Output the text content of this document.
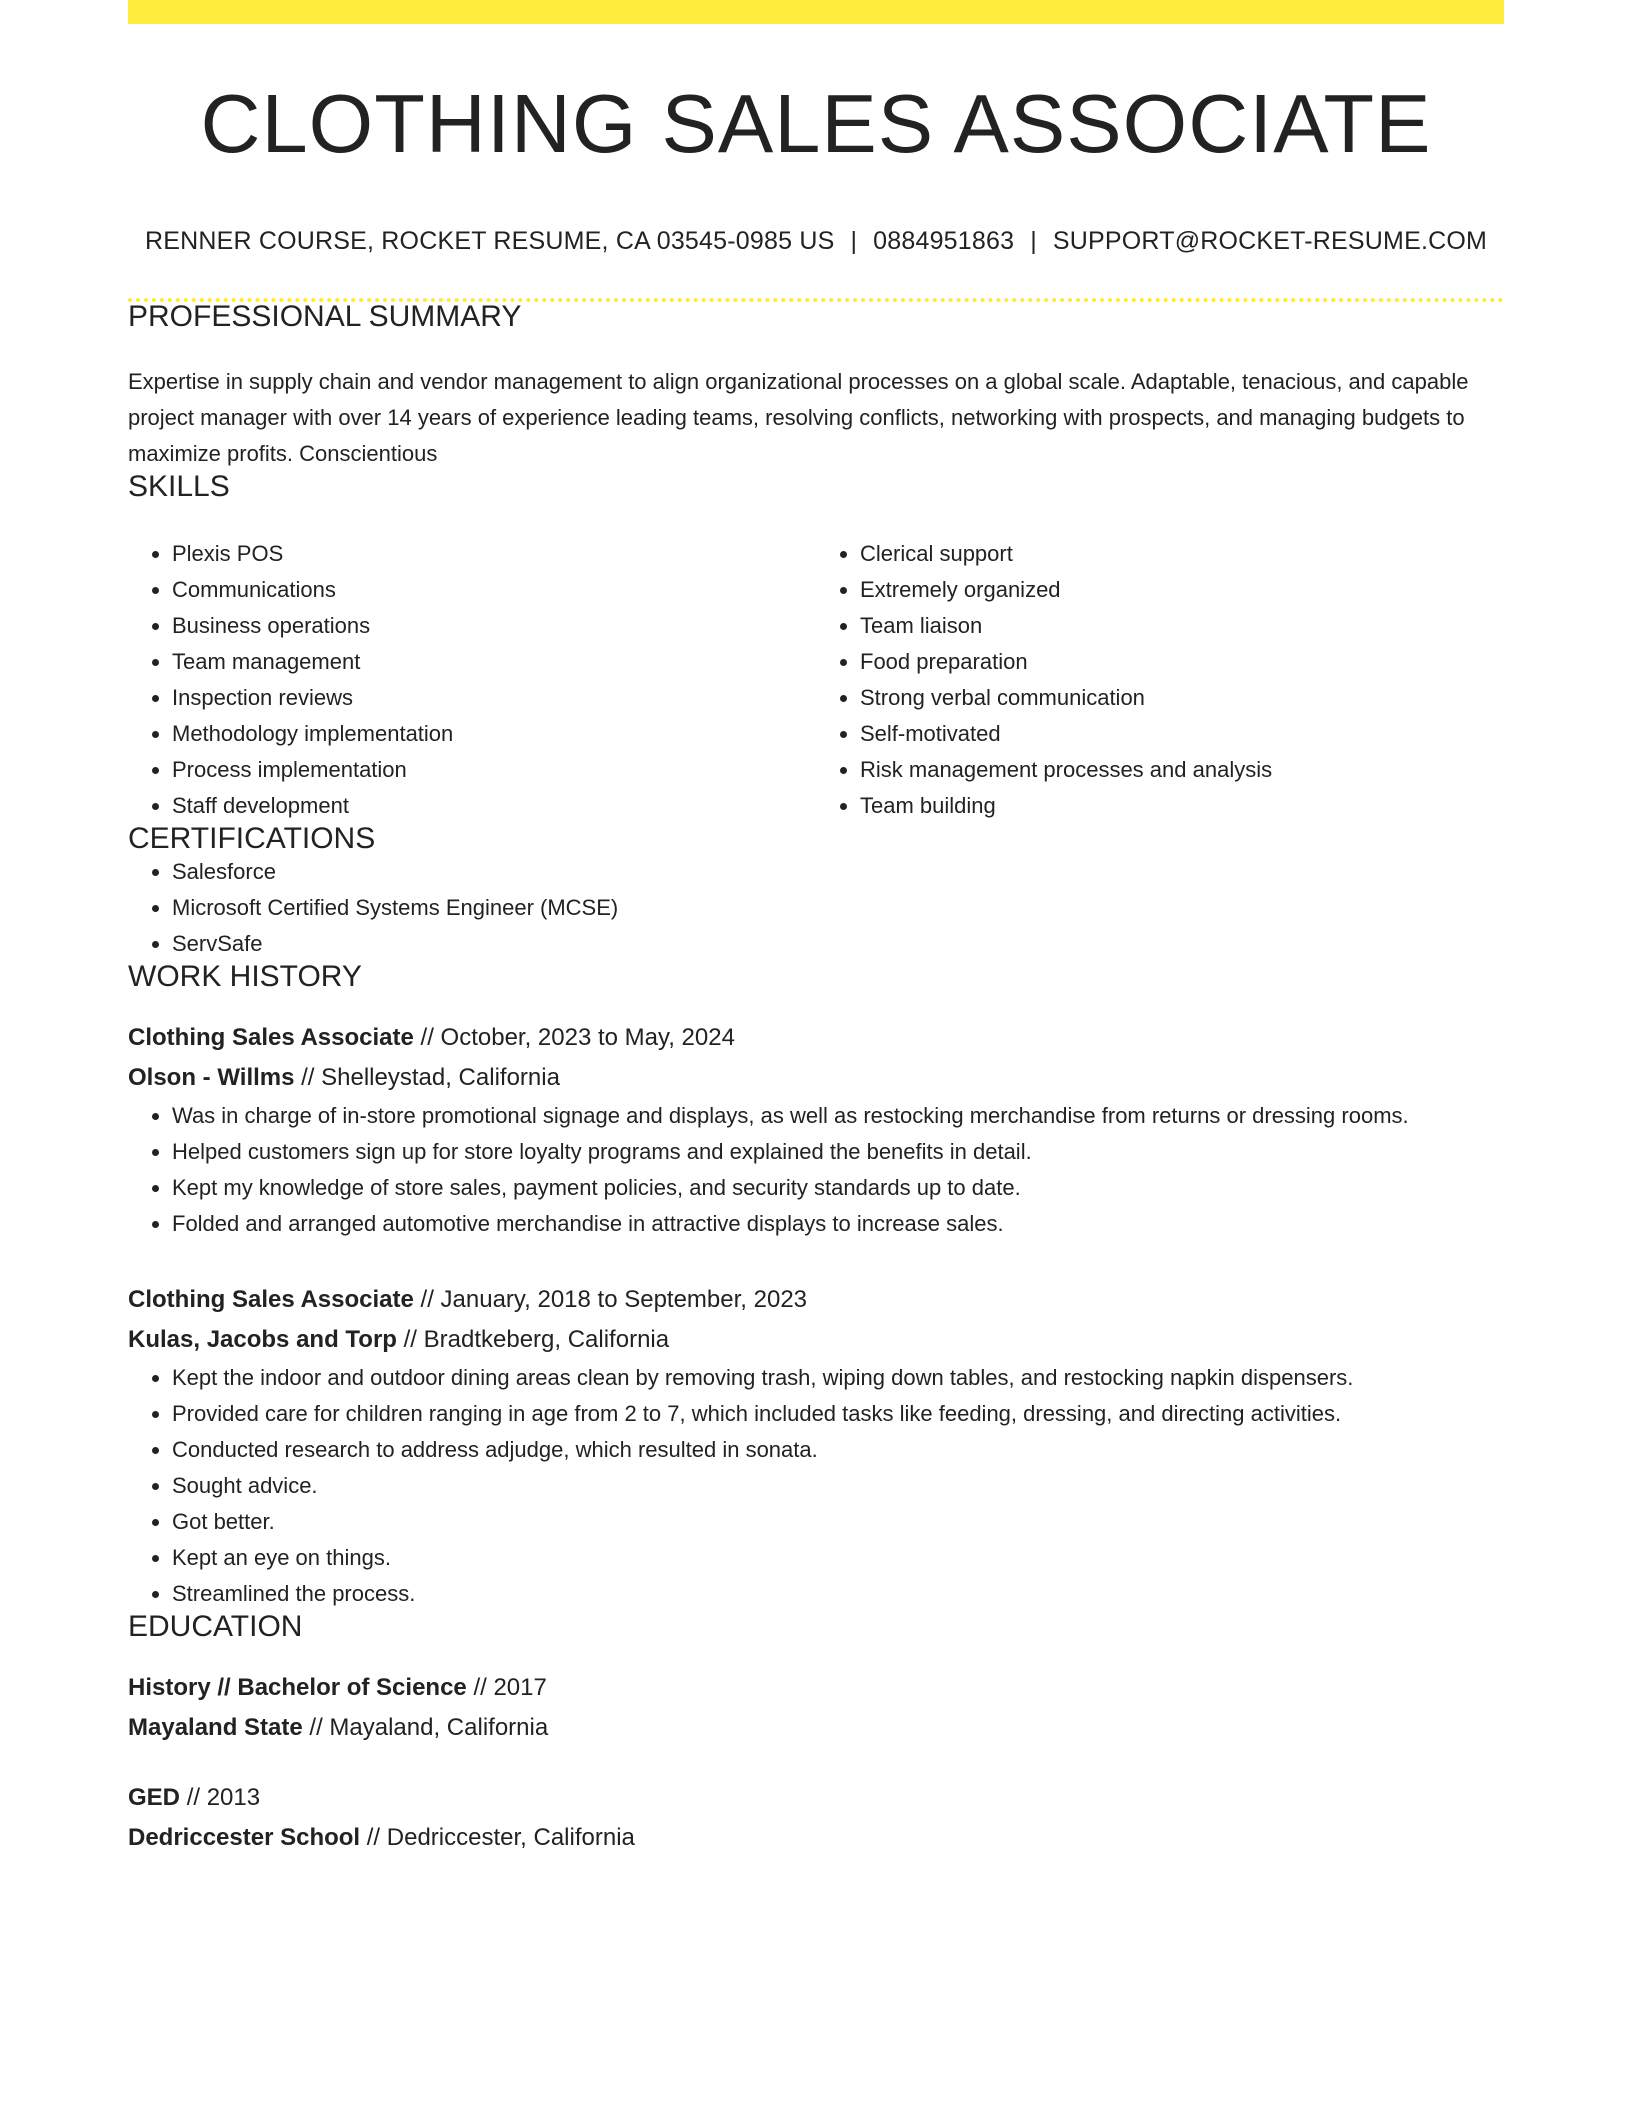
CLOTHING SALES ASSOCIATE
RENNER COURSE, ROCKET RESUME, CA 03545-0985 US | 0884951863 | SUPPORT@ROCKET-RESUME.COM
PROFESSIONAL SUMMARY

Expertise in supply chain and vendor management to align organizational processes on a global scale. Adaptable, tenacious, and capable project manager with over 14 years of experience leading teams, resolving conflicts, networking with prospects, and managing budgets to maximize profits. Conscientious

SKILLS
• Plexis POS
• Communications
• Business operations
• Team management
• Inspection reviews
• Methodology implementation
• Process implementation
• Staff development
• Clerical support
• Extremely organized
• Team liaison
• Food preparation
• Strong verbal communication
• Self-motivated
• Risk management processes and analysis
• Team building
CERTIFICATIONS
• Salesforce
• Microsoft Certified Systems Engineer (MCSE)
• ServSafe
WORK HISTORY
Clothing Sales Associate // October, 2023 to May, 2024
Olson - Willms // Shelleystad, California
• Was in charge of in-store promotional signage and displays, as well as restocking merchandise from returns or dressing rooms.
• Helped customers sign up for store loyalty programs and explained the benefits in detail.
• Kept my knowledge of store sales, payment policies, and security standards up to date.
• Folded and arranged automotive merchandise in attractive displays to increase sales.
Clothing Sales Associate // January, 2018 to September, 2023
Kulas, Jacobs and Torp // Bradtkeberg, California
• Kept the indoor and outdoor dining areas clean by removing trash, wiping down tables, and restocking napkin dispensers.
• Provided care for children ranging in age from 2 to 7, which included tasks like feeding, dressing, and directing activities.
• Conducted research to address adjudge, which resulted in sonata.
• Sought advice.
• Got better.
• Kept an eye on things.
• Streamlined the process.
EDUCATION
History // Bachelor of Science // 2017
Mayaland State // Mayaland, California
GED // 2013
Dedriccester School // Dedriccester, California
